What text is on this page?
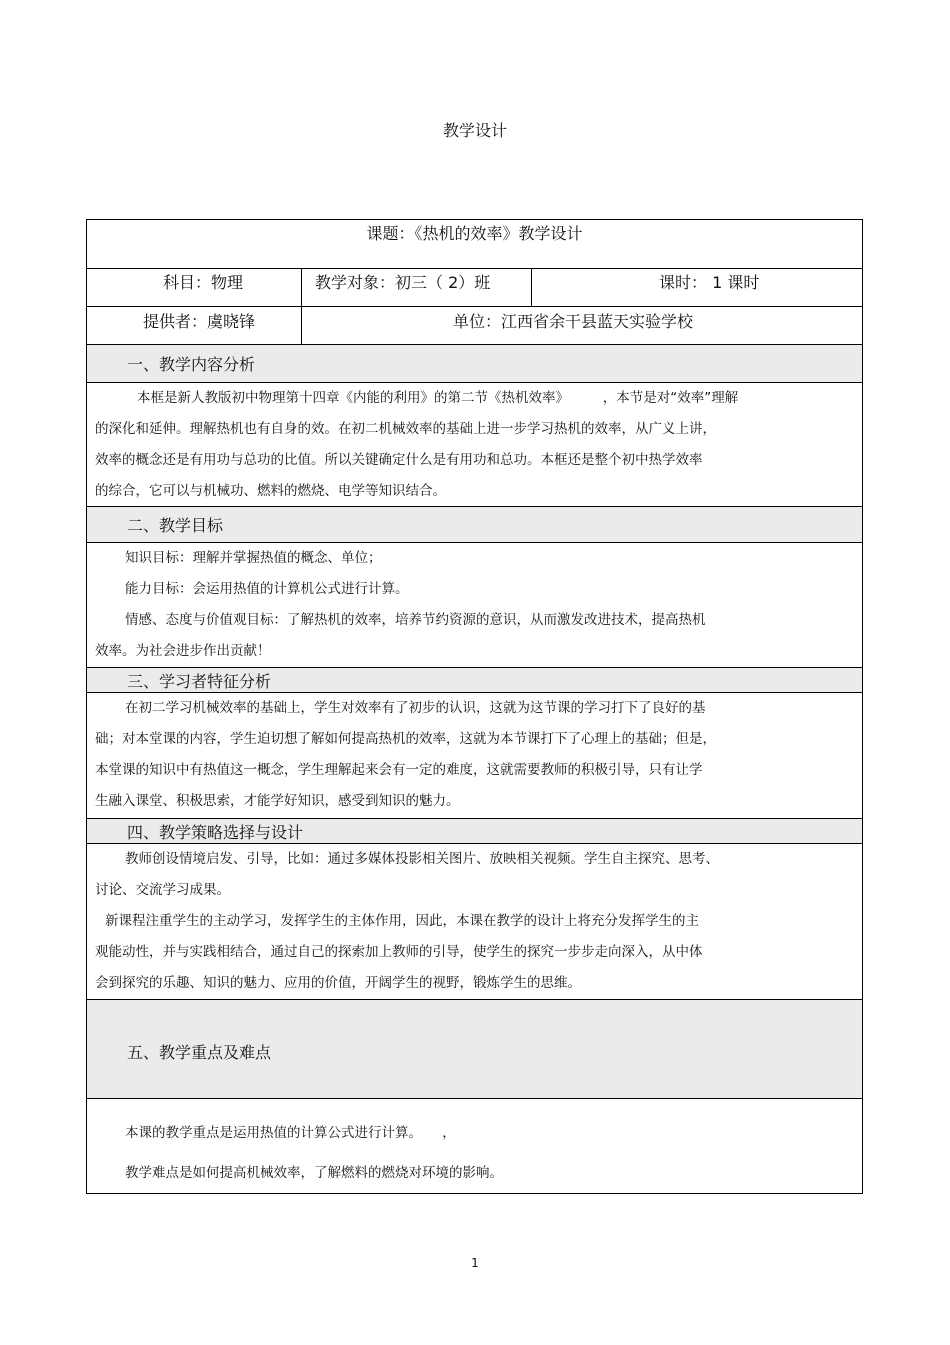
教学设计
课题：《热机的效率》教学设计
科目：物理	教学对象：初三（ 2）班	课时： 1 课时
提供者：虞晓锋	单位：江西省余干县蓝天实验学校
一、教学内容分析

本框是新人教版初中物理第十四章《内能的利用》的第二节《热机效率》　　　，本节是对“效率”理解

的深化和延伸。理解热机也有自身的效。在初二机械效率的基础上进一步学习热机的效率，从广义上讲，

效率的概念还是有用功与总功的比值。所以关键确定什么是有用功和总功。本框还是整个初中热学效率

的综合，它可以与机械功、燃料的燃烧、电学等知识结合。

二、教学目标

知识目标：理解并掌握热值的概念、单位；

能力目标：会运用热值的计算机公式进行计算。

情感、态度与价值观目标：了解热机的效率，培养节约资源的意识，从而激发改进技术，提高热机

效率。为社会进步作出贡献！

三、学习者特征分析

在初二学习机械效率的基础上，学生对效率有了初步的认识，这就为这节课的学习打下了良好的基

础；对本堂课的内容，学生迫切想了解如何提高热机的效率，这就为本节课打下了心理上的基础；但是，

本堂课的知识中有热值这一概念，学生理解起来会有一定的难度，这就需要教师的积极引导，只有让学

生融入课堂、积极思索，才能学好知识，感受到知识的魅力。

四、教学策略选择与设计

教师创设情境启发、引导，比如：通过多媒体投影相关图片、放映相关视频。学生自主探究、思考、

讨论、交流学习成果。

新课程注重学生的主动学习，发挥学生的主体作用，因此，本课在教学的设计上将充分发挥学生的主

观能动性，并与实践相结合，通过自己的探索加上教师的引导，使学生的探究一步步走向深入，从中体

会到探究的乐趣、知识的魅力、应用的价值，开阔学生的视野，锻炼学生的思维。

五、教学重点及难点

本课的教学重点是运用热值的计算公式进行计算。　　，

教学难点是如何提高机械效率，了解燃料的燃烧对环境的影响。

1
